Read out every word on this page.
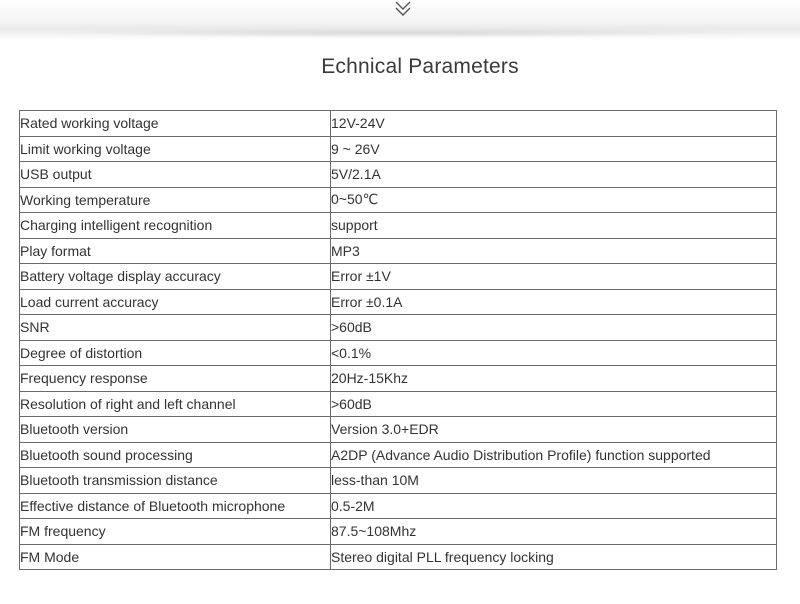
Echnical Parameters
Rated working voltage	12V-24V
Limit working voltage	9 ~ 26V
USB output	5V/2.1A
Working temperature	0~50℃
Charging intelligent recognition	support
Play format	MP3
Battery voltage display accuracy	Error ±1V
Load current accuracy	Error ±0.1A
SNR	>60dB
Degree of distortion	<0.1%
Frequency response	20Hz-15Khz
Resolution of right and left channel	>60dB
Bluetooth version	Version 3.0+EDR
Bluetooth sound processing	A2DP (Advance Audio Distribution Profile) function supported
Bluetooth transmission distance	less-than 10M
Effective distance of Bluetooth microphone	0.5-2M
FM frequency	87.5~108Mhz
FM Mode	Stereo digital PLL frequency locking
